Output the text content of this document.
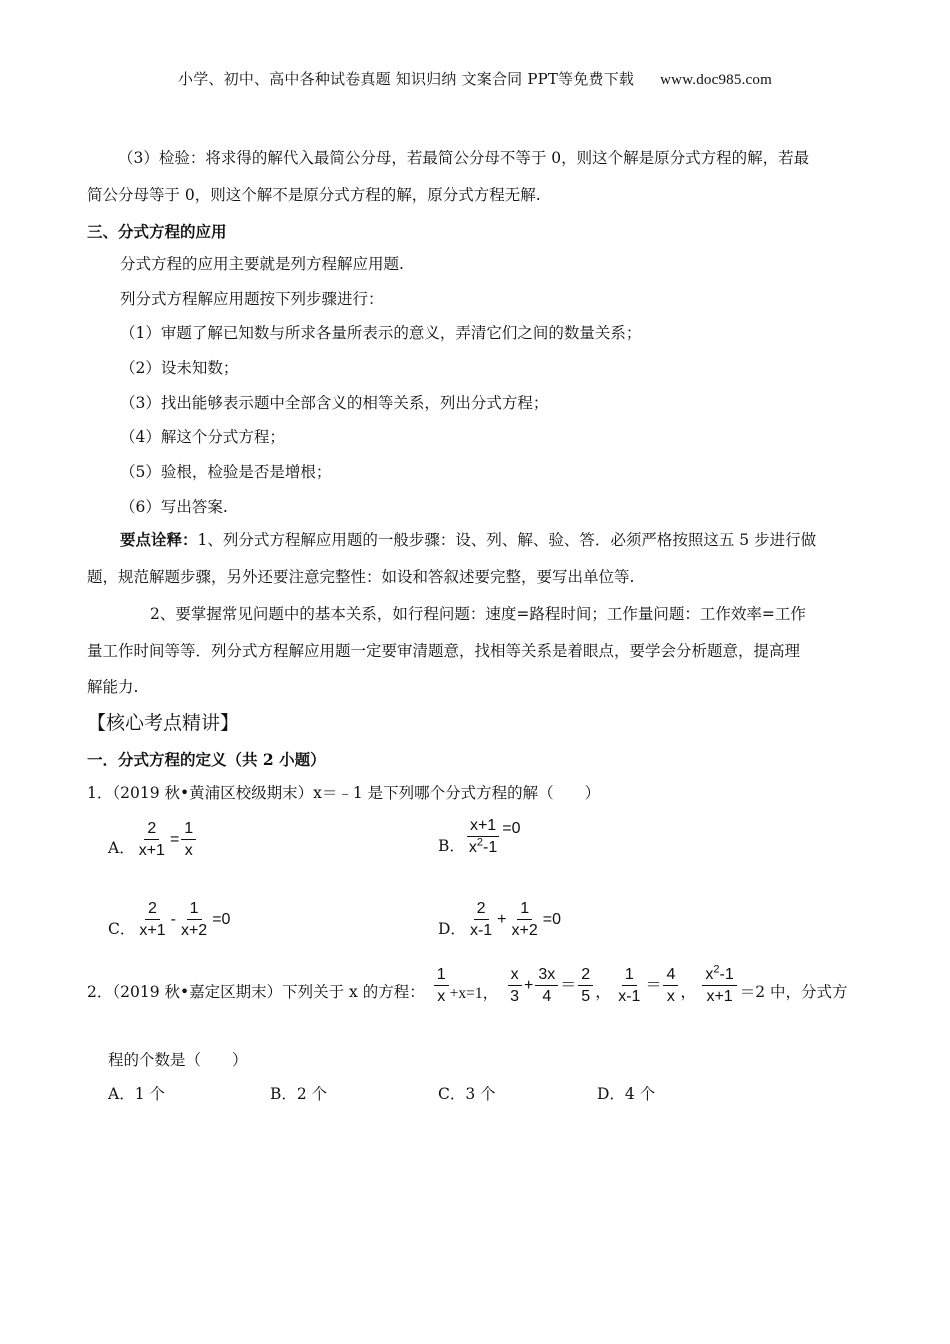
小学、初中、高中各种试卷真题 知识归纳 文案合同 PPT等免费下载 www.doc985.com
（3）检验：将求得的解代入最简公分母，若最简公分母不等于 0，则这个解是原分式方程的解，若最
简公分母等于 0，则这个解不是原分式方程的解，原分式方程无解.
三、分式方程的应用
分式方程的应用主要就是列方程解应用题.
列分式方程解应用题按下列步骤进行：
（1）审题了解已知数与所求各量所表示的意义，弄清它们之间的数量关系；
（2）设未知数；
（3）找出能够表示题中全部含义的相等关系，列出分式方程；
（4）解这个分式方程；
（5）验根，检验是否是增根；
（6）写出答案.
要点诠释：1、列分式方程解应用题的一般步骤：设、列、解、验、答．必须严格按照这五 5 步进行做
题，规范解题步骤，另外还要注意完整性：如设和答叙述要完整，要写出单位等.
2、要掌握常见问题中的基本关系，如行程问题：速度=路程时间；工作量问题：工作效率=工作
量工作时间等等．列分式方程解应用题一定要审清题意，找相等关系是着眼点，要学会分析题意，提高理
解能力.
【核心考点精讲】
一．分式方程的定义（共 2 小题）
1．（2019 秋•黄浦区校级期末）x＝﹣1 是下列哪个分式方程的解（　　）
A． $\frac{2}{x+1} = \frac{1}{x}$	B． $\frac{x+1}{x^2-1} =0$
C．
2
x+1
- $\frac{1}{x+2} =0$	D．
2
x-1
+ $\frac{1}{x+2} =0$
2．（2019 秋•嘉定区期末）下列关于 x 的方程：
1
x +x=1，
x
3
+ $\frac{3x}{4}$ ＝
2
5 ，
1
x-1
＝
4
x ，
$x^2-1$
x+1 ＝2 中，分式方
程的个数是（　　）
A．1 个	B．2 个	C．3 个	D．4 个
